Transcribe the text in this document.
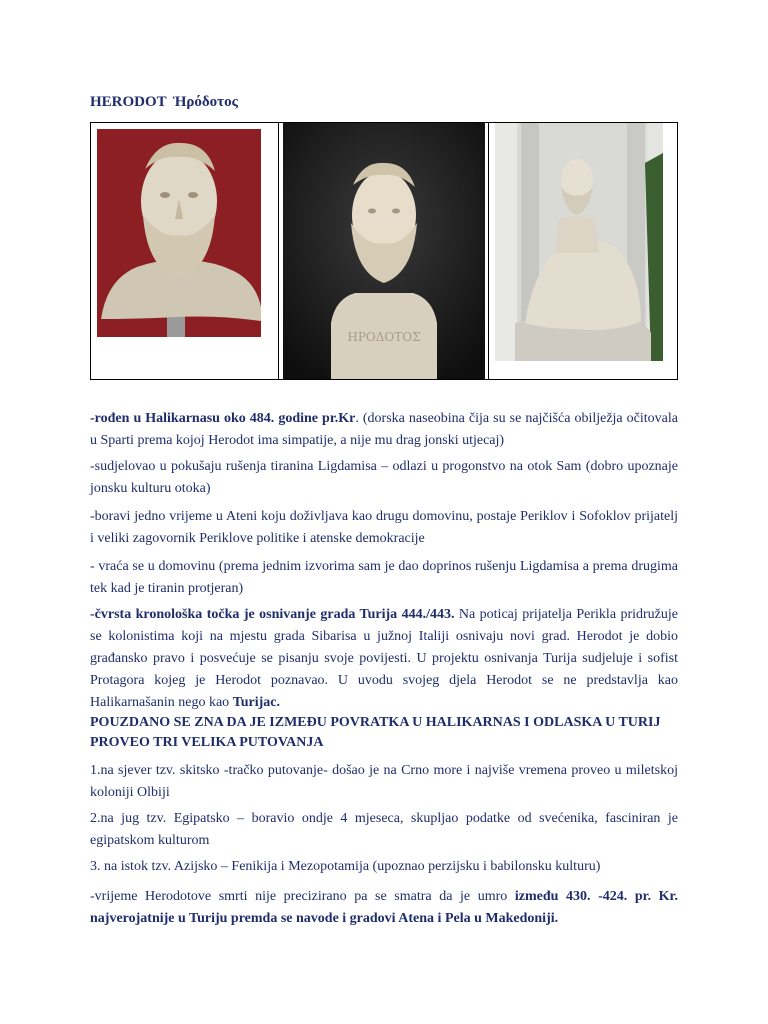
HERODOT Ἡρόδοτος
ΗΡΟΔΟΤΟΣ

-rođen u Halikarnasu oko 484. godine pr.Kr. (dorska naseobina čija su se najčišća obilježja očitovala u Sparti prema kojoj Herodot ima simpatije, a nije mu drag jonski utjecaj)

-sudjelovao u pokušaju rušenja tiranina Ligdamisa – odlazi u progonstvo na otok Sam (dobro upoznaje jonsku kulturu otoka)

-boravi jedno vrijeme u Ateni koju doživljava kao drugu domovinu, postaje Periklov i Sofoklov prijatelj i veliki zagovornik Periklove politike i atenske demokracije

- vraća se u domovinu (prema jednim izvorima sam je dao doprinos rušenju Ligdamisa a prema drugima tek kad je tiranin protjeran)

-čvrsta kronološka točka je osnivanje grada Turija 444./443. Na poticaj prijatelja Perikla pridružuje se kolonistima koji na mjestu grada Sibarisa u južnoj Italiji osnivaju novi grad. Herodot je dobio građansko pravo i posvećuje se pisanju svoje povijesti. U projektu osnivanja Turija sudjeluje i sofist Protagora kojeg je Herodot poznavao. U uvodu svojeg djela Herodot se ne predstavlja kao Halikarnašanin nego kao Turijac.

POUZDANO SE ZNA DA JE IZMEĐU POVRATKA U HALIKARNAS I ODLASKA U TURIJ PROVEO TRI VELIKA PUTOVANJA

1.na sjever tzv. skitsko -tračko putovanje- došao je na Crno more i najviše vremena proveo u miletskoj koloniji Olbiji

2.na jug tzv. Egipatsko – boravio ondje 4 mjeseca, skupljao podatke od svećenika, fasciniran je egipatskom kulturom

3. na istok tzv. Azijsko – Fenikija i Mezopotamija (upoznao perzijsku i babilonsku kulturu)

-vrijeme Herodotove smrti nije precizirano pa se smatra da je umro između 430. -424. pr. Kr. najverojatnije u Turiju premda se navode i gradovi Atena i Pela u Makedoniji.
